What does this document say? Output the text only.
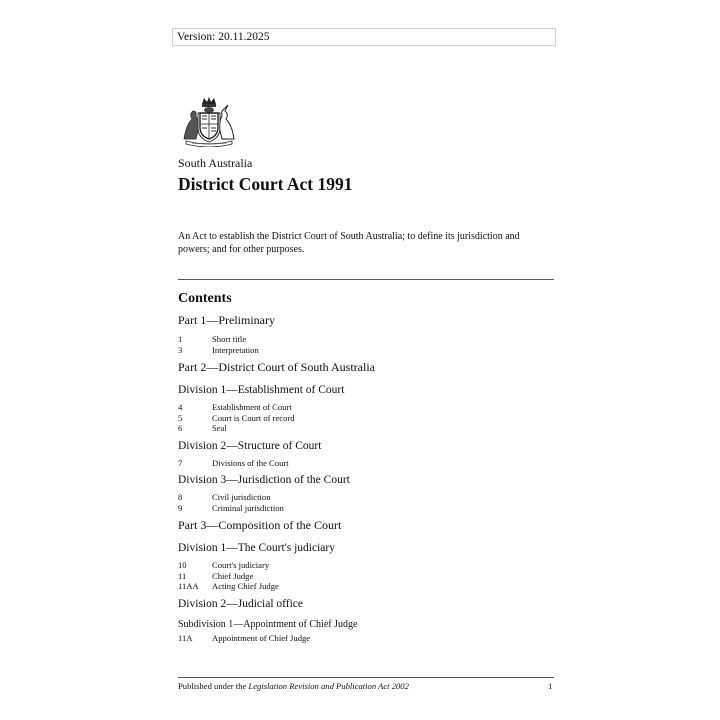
Version: 20.11.2025
South Australia
District Court Act 1991
An Act to establish the District Court of South Australia; to define its jurisdiction and powers; and for other purposes.
Contents
Part 1—Preliminary
1	Short title
3	Interpretation
Part 2—District Court of South Australia
Division 1—Establishment of Court
4	Establishment of Court
5	Court is Court of record
6	Seal
Division 2—Structure of Court
7	Divisions of the Court
Division 3—Jurisdiction of the Court
8	Civil jurisdiction
9	Criminal jurisdiction
Part 3—Composition of the Court
Division 1—The Court's judiciary
10	Court's judiciary
11	Chief Judge
11AA	Acting Chief Judge
Division 2—Judicial office
Subdivision 1—Appointment of Chief Judge
11A	Appointment of Chief Judge
Published under the Legislation Revision and Publication Act 2002	1
